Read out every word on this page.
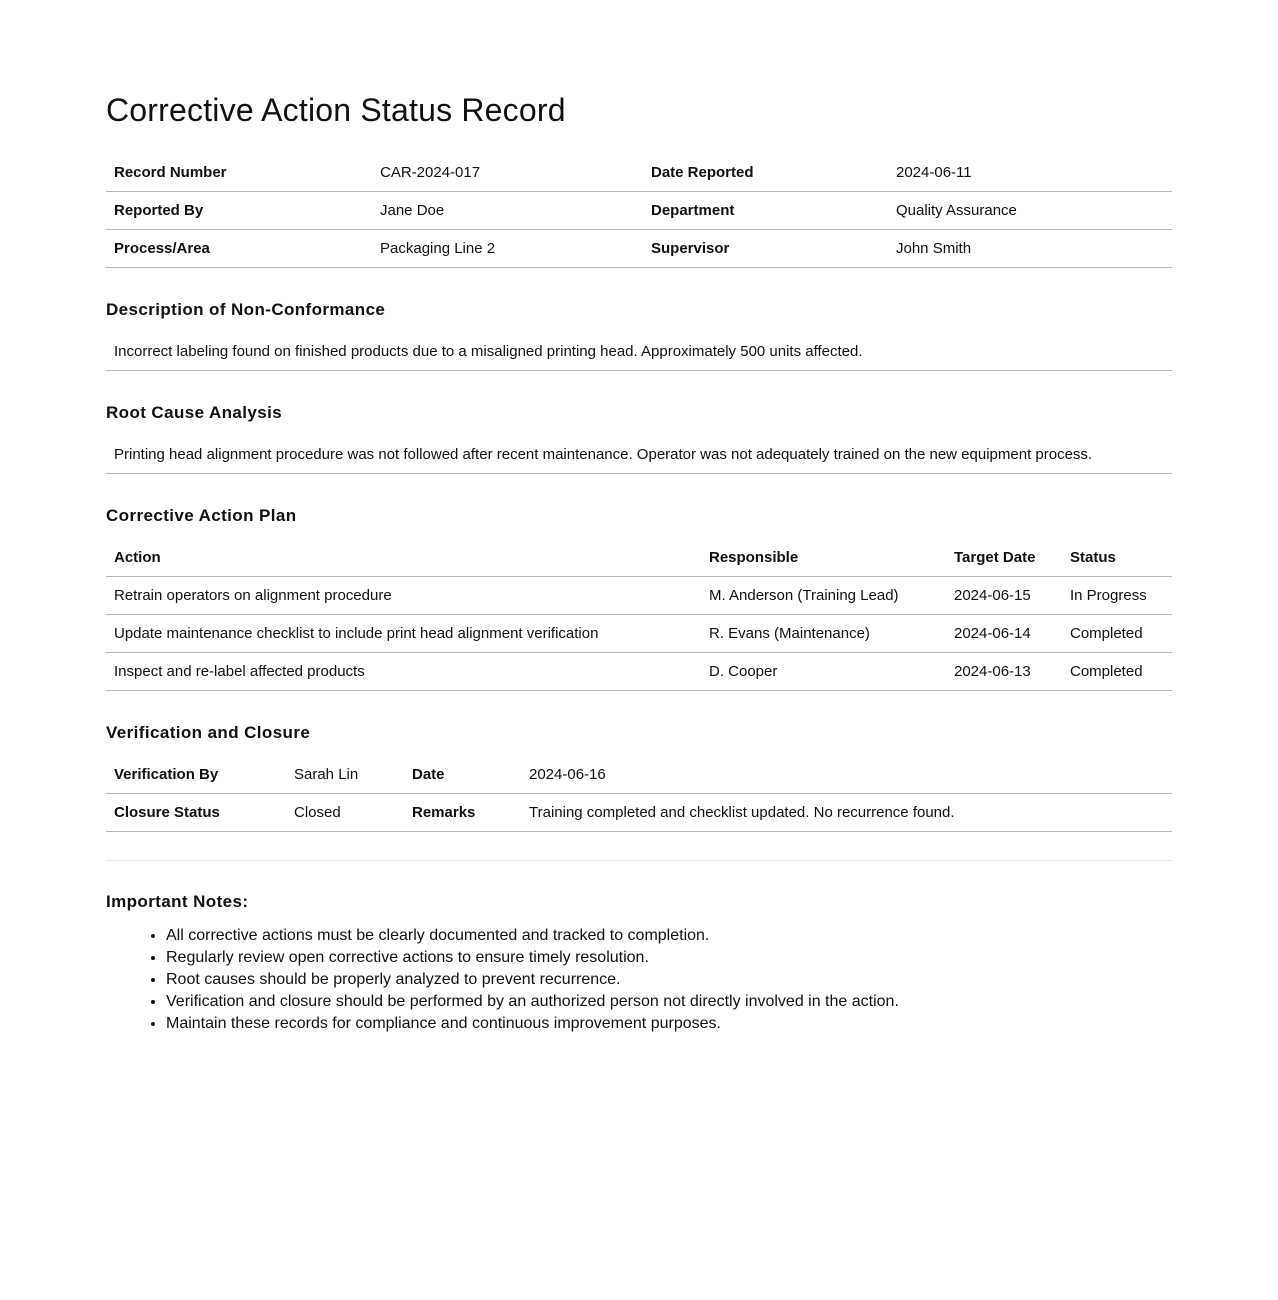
Corrective Action Status Record
Record Number	CAR-2024-017	Date Reported	2024-06-11
Reported By	Jane Doe	Department	Quality Assurance
Process/Area	Packaging Line 2	Supervisor	John Smith
Description of Non-Conformance
Incorrect labeling found on finished products due to a misaligned printing head. Approximately 500 units affected.
Root Cause Analysis
Printing head alignment procedure was not followed after recent maintenance. Operator was not adequately trained on the new equipment process.
Corrective Action Plan
Action	Responsible	Target Date	Status
Retrain operators on alignment procedure	M. Anderson (Training Lead)	2024-06-15	In Progress
Update maintenance checklist to include print head alignment verification	R. Evans (Maintenance)	2024-06-14	Completed
Inspect and re-label affected products	D. Cooper	2024-06-13	Completed
Verification and Closure
Verification By	Sarah Lin	Date	2024-06-16
Closure Status	Closed	Remarks	Training completed and checklist updated. No recurrence found.
Important Notes:
• All corrective actions must be clearly documented and tracked to completion.
• Regularly review open corrective actions to ensure timely resolution.
• Root causes should be properly analyzed to prevent recurrence.
• Verification and closure should be performed by an authorized person not directly involved in the action.
• Maintain these records for compliance and continuous improvement purposes.
